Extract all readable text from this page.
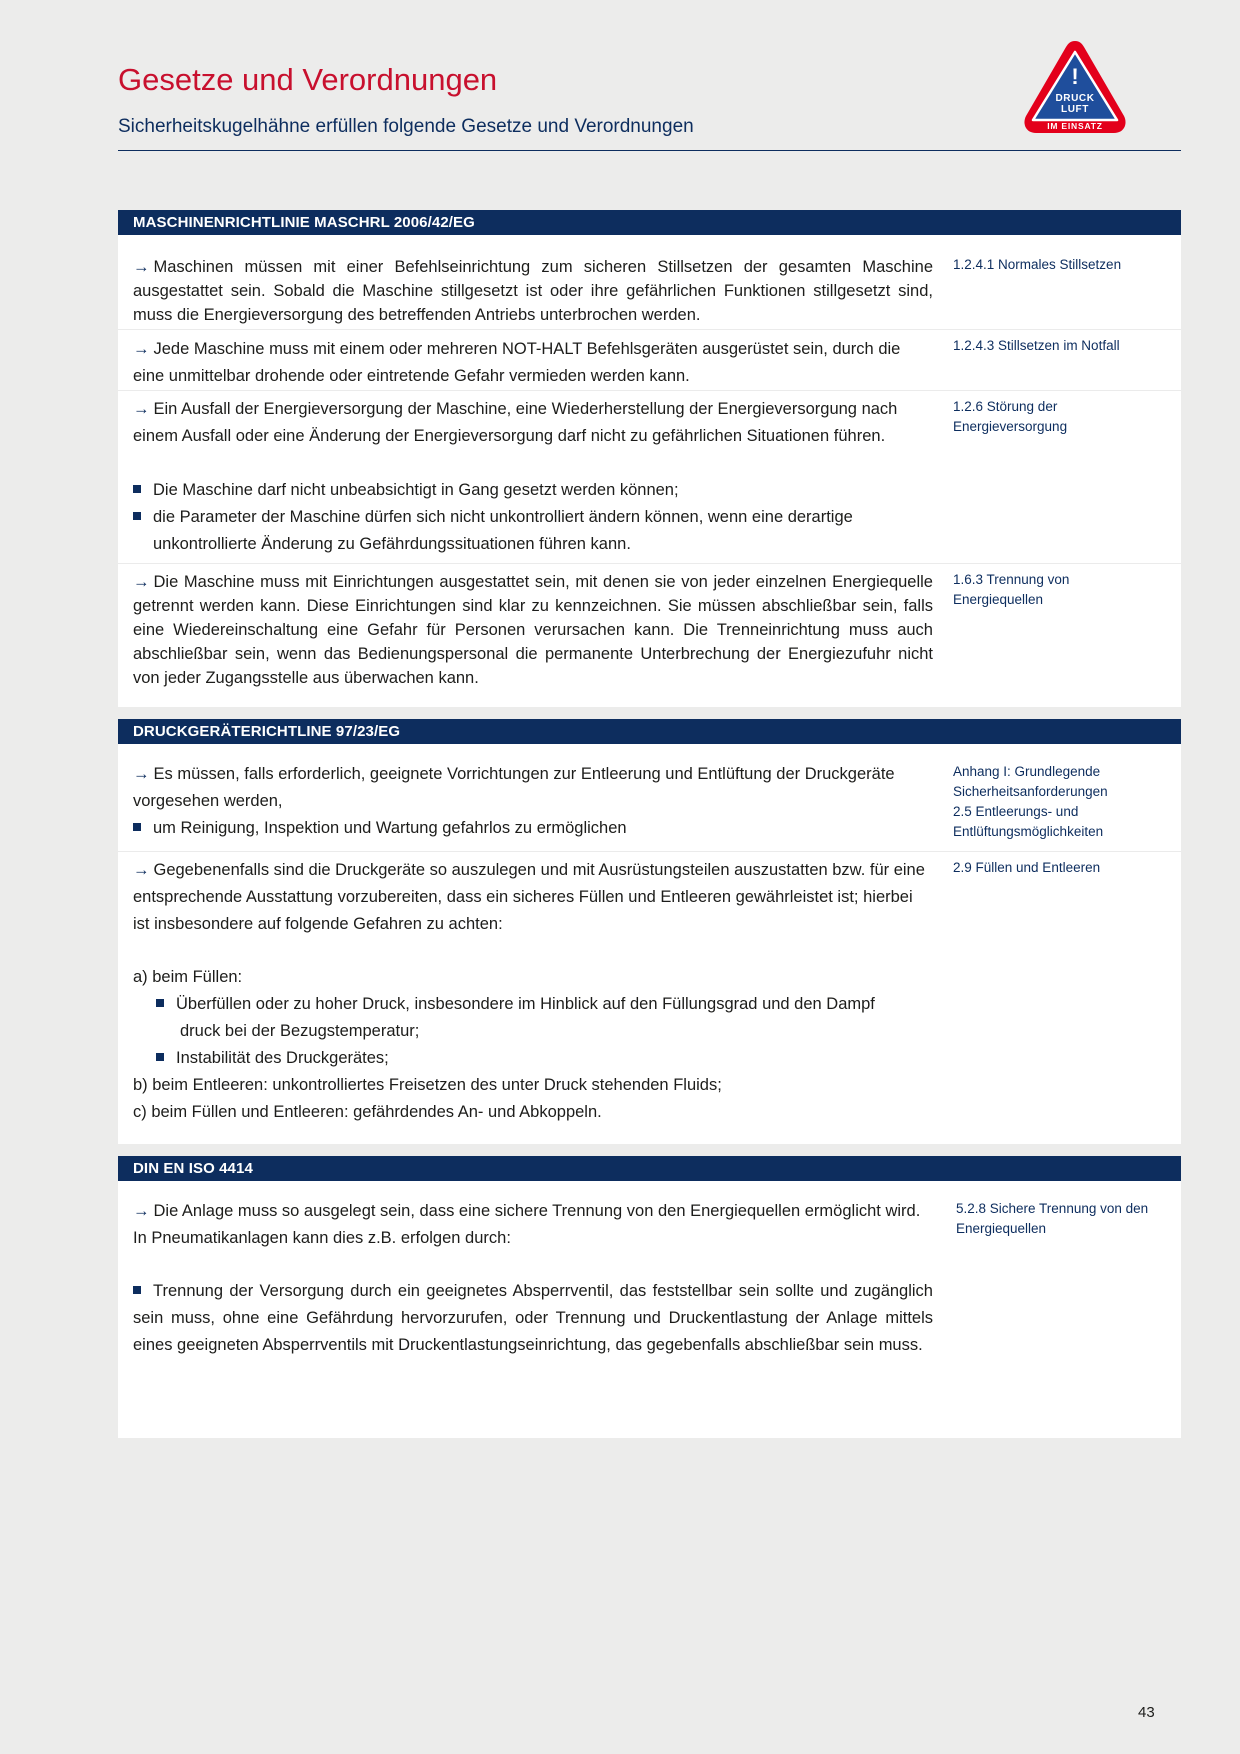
Gesetze und Verordnungen
Sicherheitskugelhähne erfüllen folgende Gesetze und Verordnungen
!
DRUCK
LUFT
IM EINSATZ
MASCHINENRICHTLINIE MASCHRL 2006/42/EG
→ Maschinen müssen mit einer Befehlseinrichtung zum sicheren Stillsetzen der gesamten Maschine ausgestattet sein. Sobald die Maschine stillgesetzt ist oder ihre gefährlichen Funktionen stillgesetzt sind, muss die Energieversorgung des betreffenden Antriebs unterbrochen werden.
1.2.4.1 Normales Stillsetzen
→ Jede Maschine muss mit einem oder mehreren NOT-HALT Befehlsgeräten ausgerüstet sein, durch die eine unmittelbar drohende oder eintretende Gefahr vermieden werden kann.
1.2.4.3 Stillsetzen im Notfall
→ Ein Ausfall der Energieversorgung der Maschine, eine Wiederherstellung der Energieversorgung nach einem Ausfall oder eine Änderung der Energieversorgung darf nicht zu gefährlichen Situationen führen.
1.2.6 Störung der Energieversorgung
Die Maschine darf nicht unbeabsichtigt in Gang gesetzt werden können;
die Parameter der Maschine dürfen sich nicht unkontrolliert ändern können, wenn eine derartige
unkontrollierte Änderung zu Gefährdungssituationen führen kann.
→ Die Maschine muss mit Einrichtungen ausgestattet sein, mit denen sie von jeder einzelnen Energiequelle getrennt werden kann. Diese Einrichtungen sind klar zu kennzeichnen. Sie müssen abschließbar sein, falls eine Wiedereinschaltung eine Gefahr für Personen verursachen kann. Die Trenneinrichtung muss auch abschließbar sein, wenn das Bedienungspersonal die permanente Unterbrechung der Energiezufuhr nicht von jeder Zugangsstelle aus überwachen kann.
1.6.3 Trennung von Energiequellen
DRUCKGERÄTERICHTLINE 97/23/EG
→ Es müssen, falls erforderlich, geeignete Vorrichtungen zur Entleerung und Entlüftung der Druckgeräte vorgesehen werden,
um Reinigung, Inspektion und Wartung gefahrlos zu ermöglichen
Anhang I: Grundlegende
Sicherheitsanforderungen
2.5 Entleerungs- und
Entlüftungsmöglichkeiten
→ Gegebenenfalls sind die Druckgeräte so auszulegen und mit Ausrüstungsteilen auszustatten bzw. für eine entsprechende Ausstattung vorzubereiten, dass ein sicheres Füllen und Entleeren gewährleistet ist; hierbei ist insbesondere auf folgende Gefahren zu achten:
2.9 Füllen und Entleeren
a) beim Füllen:
Überfüllen oder zu hoher Druck, insbesondere im Hinblick auf den Füllungsgrad und den Dampf
druck bei der Bezugstemperatur;
Instabilität des Druckgerätes;
b) beim Entleeren: unkontrolliertes Freisetzen des unter Druck stehenden Fluids;
c) beim Füllen und Entleeren: gefährdendes An- und Abkoppeln.
DIN EN ISO 4414
→ Die Anlage muss so ausgelegt sein, dass eine sichere Trennung von den Energiequellen ermöglicht wird. In Pneumatikanlagen kann dies z.B. erfolgen durch:
5.2.8 Sichere Trennung von den Energiequellen
Trennung der Versorgung durch ein geeignetes Absperrventil, das feststellbar sein sollte und zugänglich sein muss, ohne eine Gefährdung hervorzurufen, oder Trennung und Druckentlastung der Anlage mittels eines geeigneten Absperrventils mit Druckentlastungseinrichtung, das gegebenfalls abschließbar sein muss.
43
